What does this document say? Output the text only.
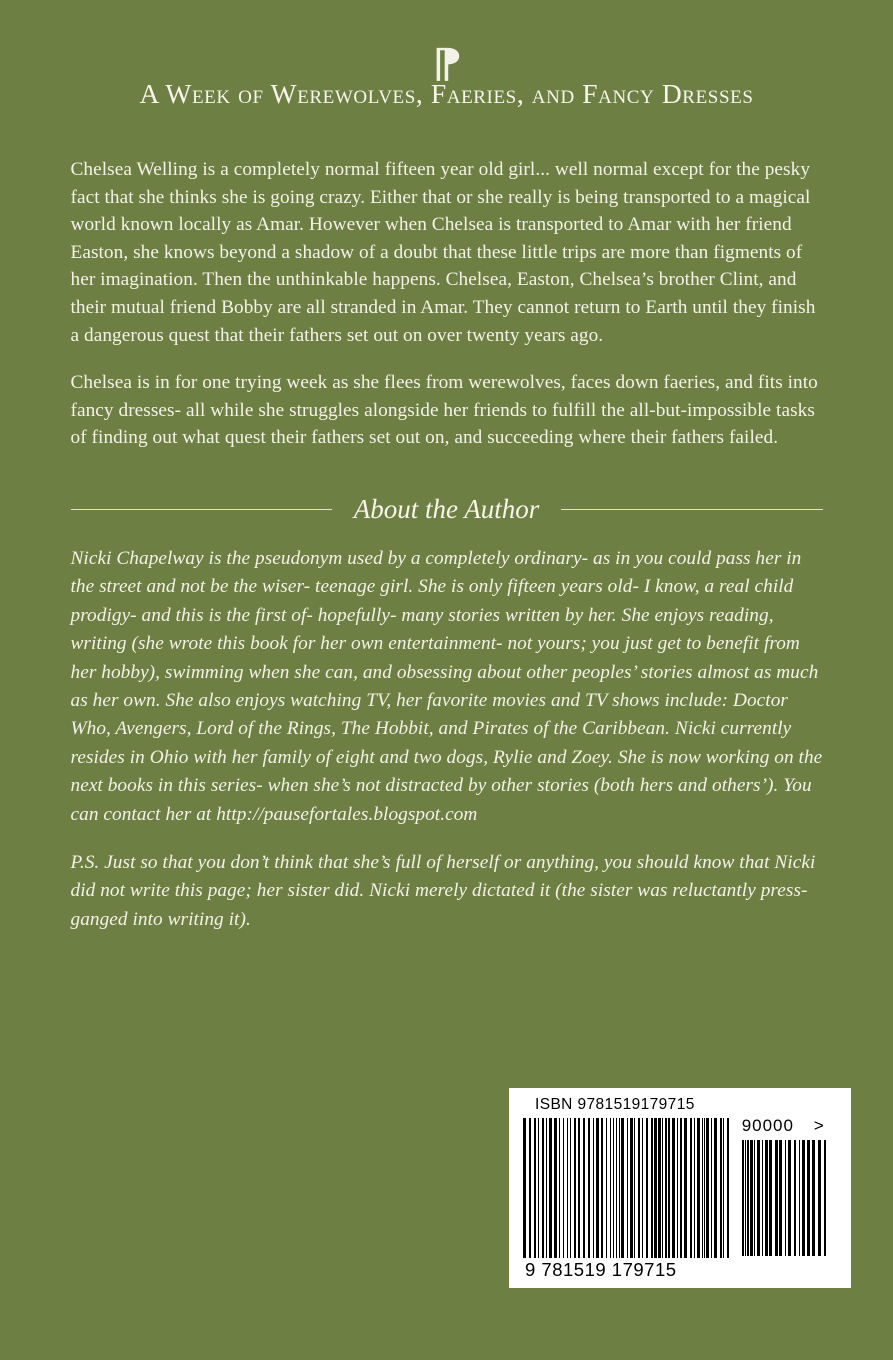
⁋
A Week of Werewolves, Faeries, and Fancy Dresses

Chelsea Welling is a completely normal fifteen year old girl... well normal except for the pesky fact that she thinks she is going crazy. Either that or she really is being transported to a magical world known locally as Amar. However when Chelsea is transported to Amar with her friend Easton, she knows beyond a shadow of a doubt that these little trips are more than figments of her imagination. Then the unthinkable happens. Chelsea, Easton, Chelsea’s brother Clint, and their mutual friend Bobby are all stranded in Amar. They cannot return to Earth until they finish a dangerous quest that their fathers set out on over twenty years ago.

Chelsea is in for one trying week as she flees from werewolves, faces down faeries, and fits into fancy dresses- all while she struggles alongside her friends to fulfill the all-but-impossible tasks of finding out what quest their fathers set out on, and succeeding where their fathers failed.

About the Author

Nicki Chapelway is the pseudonym used by a completely ordinary- as in you could pass her in the street and not be the wiser- teenage girl. She is only fifteen years old- I know, a real child prodigy- and this is the first of- hopefully- many stories written by her. She enjoys reading, writing (she wrote this book for her own entertainment- not yours; you just get to benefit from her hobby), swimming when she can, and obsessing about other peoples’ stories almost as much as her own. She also enjoys watching TV, her favorite movies and TV shows include: Doctor Who, Avengers, Lord of the Rings, The Hobbit, and Pirates of the Caribbean. Nicki currently resides in Ohio with her family of eight and two dogs, Rylie and Zoey. She is now working on the next books in this series- when she’s not distracted by other stories (both hers and others’). You can contact her at http://pausefortales.blogspot.com

P.S. Just so that you don’t think that she’s full of herself or anything, you should know that Nicki did not write this page; her sister did. Nicki merely dictated it (the sister was reluctantly press-ganged into writing it).

ISBN 9781519179715
90000 >
9 781519 179715
